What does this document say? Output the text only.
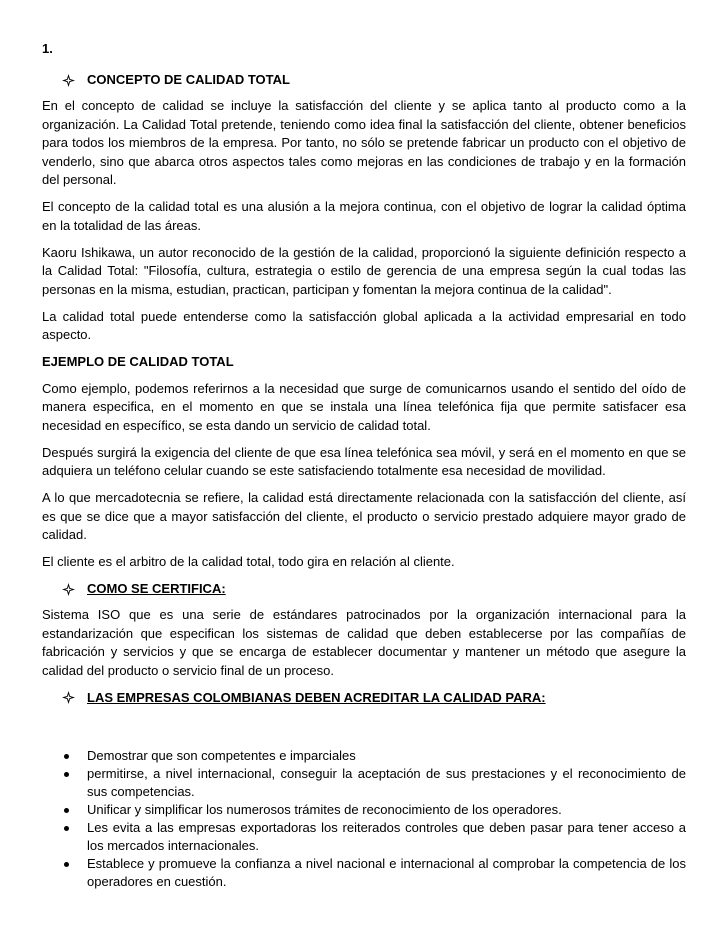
1.
CONCEPTO DE CALIDAD TOTAL

En el concepto de calidad se incluye la satisfacción del cliente y se aplica tanto al producto como a la organización. La Calidad Total pretende, teniendo como idea final la satisfacción del cliente, obtener beneficios para todos los miembros de la empresa. Por tanto, no sólo se pretende fabricar un producto con el objetivo de venderlo, sino que abarca otros aspectos tales como mejoras en las condiciones de trabajo y en la formación del personal.

El concepto de la calidad total es una alusión a la mejora continua, con el objetivo de lograr la calidad óptima en la totalidad de las áreas.

Kaoru Ishikawa, un autor reconocido de la gestión de la calidad, proporcionó la siguiente definición respecto a la Calidad Total: "Filosofía, cultura, estrategia o estilo de gerencia de una empresa según la cual todas las personas en la misma, estudian, practican, participan y fomentan la mejora continua de la calidad".

La calidad total puede entenderse como la satisfacción global aplicada a la actividad empresarial en todo aspecto.

EJEMPLO DE CALIDAD TOTAL

Como ejemplo, podemos referirnos a la necesidad que surge de comunicarnos usando el sentido del oído de manera especifica, en el momento en que se instala una línea telefónica fija que permite satisfacer esa necesidad en específico, se esta dando un servicio de calidad total.

Después surgirá la exigencia del cliente de que esa línea telefónica sea móvil, y será en el momento en que se adquiera un teléfono celular cuando se este satisfaciendo totalmente esa necesidad de movilidad.

A lo que mercadotecnia se refiere, la calidad está directamente relacionada con la satisfacción del cliente, así es que se dice que a mayor satisfacción del cliente, el producto o servicio prestado adquiere mayor grado de calidad.

El cliente es el arbitro de la calidad total, todo gira en relación al cliente.

COMO SE CERTIFICA:

Sistema ISO que es una serie de estándares patrocinados por la organización internacional para la estandarización que especifican los sistemas de calidad que deben establecerse por las compañías de fabricación y servicios y que se encarga de establecer documentar y mantener un método que asegure la calidad del producto o servicio final de un proceso.

LAS EMPRESAS COLOMBIANAS DEBEN ACREDITAR LA CALIDAD PARA:
Demostrar que son competentes e imparciales
permitirse, a nivel internacional, conseguir la aceptación de sus prestaciones y el reconocimiento de sus competencias.
Unificar y simplificar los numerosos trámites de reconocimiento de los operadores.
Les evita a las empresas exportadoras los reiterados controles que deben pasar para tener acceso a los mercados internacionales.
Establece y promueve la confianza a nivel nacional e internacional al comprobar la competencia de los operadores en cuestión.
